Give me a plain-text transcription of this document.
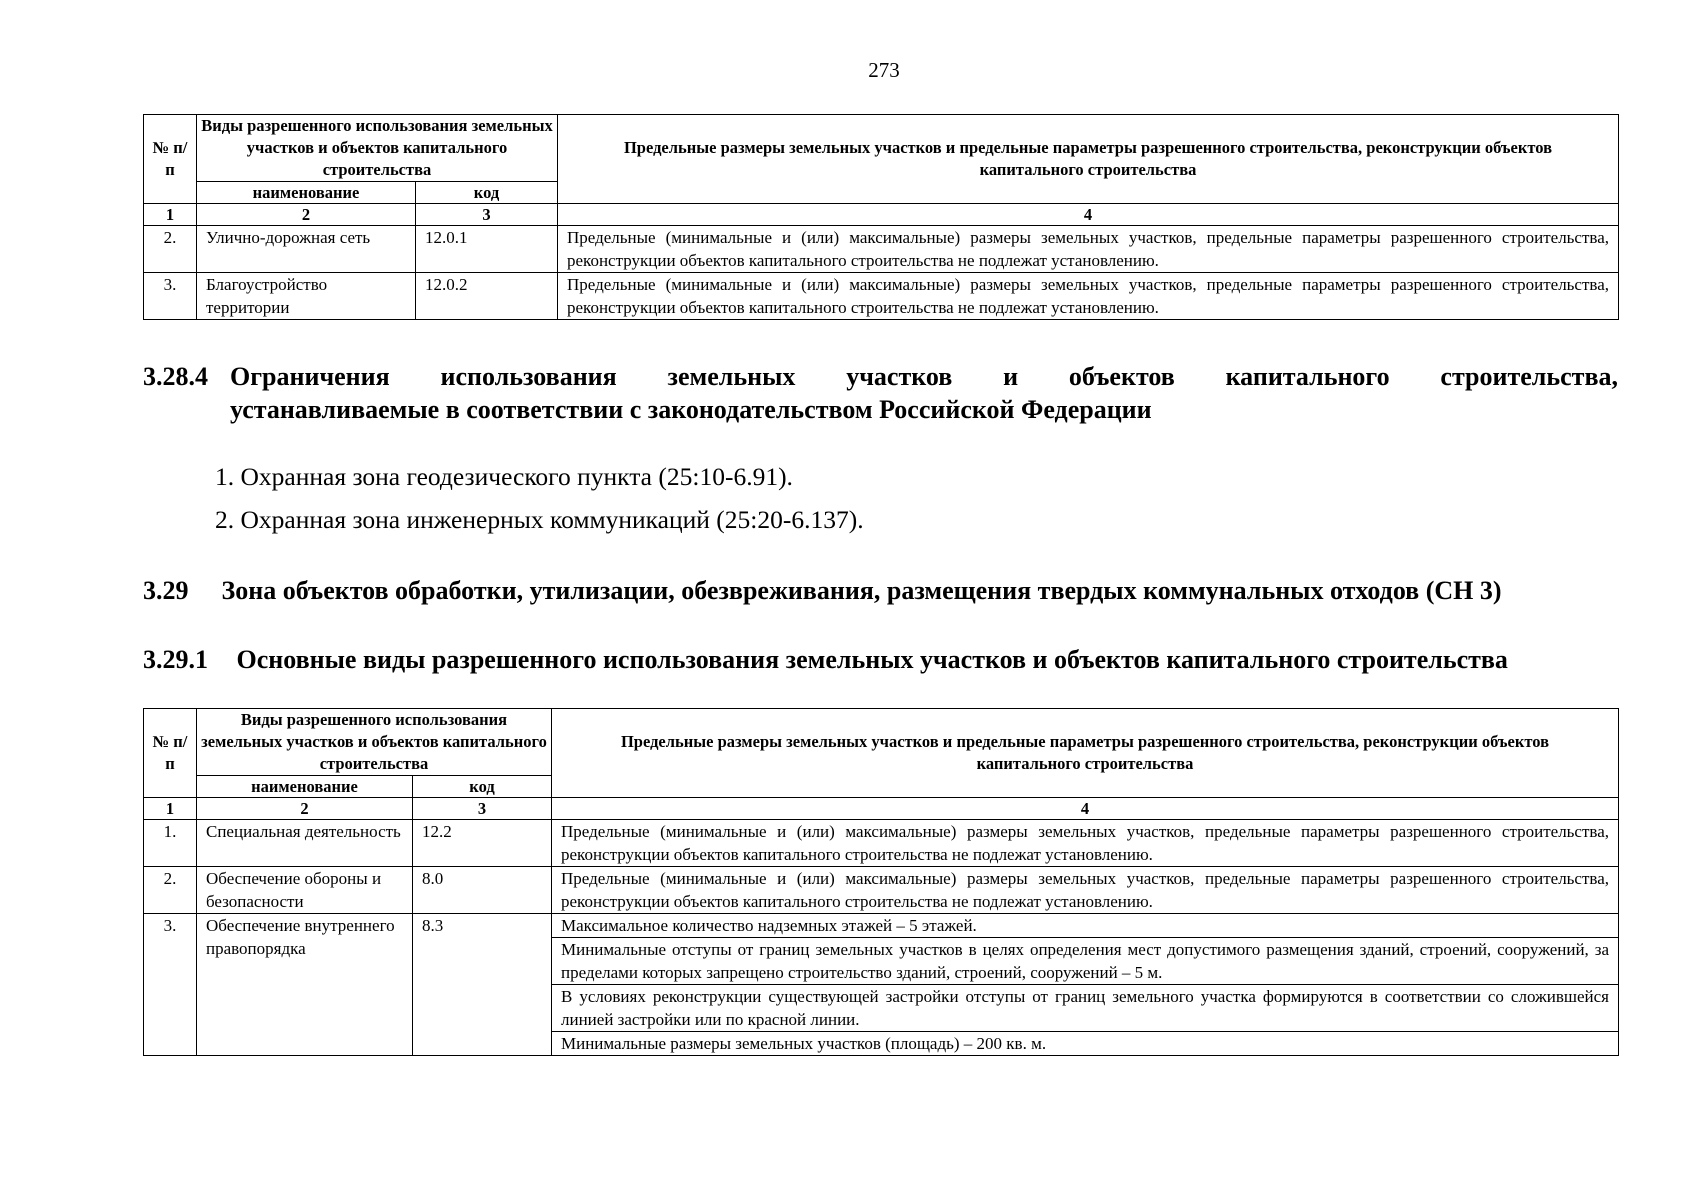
273
№ п/п	Виды разрешенного использования земельных участков и объектов капитального строительства		Предельные размеры земельных участков и предельные параметры разрешенного строительства, реконструкции объектов капитального строительства
	наименование	код	
1	2	3	4
2.	Улично-дорожная сеть	12.0.1	Предельные (минимальные и (или) максимальные) размеры земельных участков, предельные параметры разрешенного строительства, реконструкции объектов капитального строительства не подлежат установлению.
3.	Благоустройство территории	12.0.2	Предельные (минимальные и (или) максимальные) размеры земельных участков, предельные параметры разрешенного строительства, реконструкции объектов капитального строительства не подлежат установлению.
3.28.4 Ограничения использования земельных участков и объектов капитального строительства,
устанавливаемые в соответствии с законодательством Российской Федерации
1. Охранная зона геодезического пункта (25:10-6.91).
2. Охранная зона инженерных коммуникаций (25:20-6.137).
3.29 Зона объектов обработки, утилизации, обезвреживания, размещения твердых коммунальных отходов (СН 3)
3.29.1 Основные виды разрешенного использования земельных участков и объектов капитального строительства
№ п/п	Виды разрешенного использования земельных участков и объектов капитального строительства		Предельные размеры земельных участков и предельные параметры разрешенного строительства, реконструкции объектов капитального строительства
	наименование	код	
1	2	3	4
1.	Специальная деятельность	12.2	Предельные (минимальные и (или) максимальные) размеры земельных участков, предельные параметры разрешенного строительства, реконструкции объектов капитального строительства не подлежат установлению.
2.	Обеспечение обороны и безопасности	8.0	Предельные (минимальные и (или) максимальные) размеры земельных участков, предельные параметры разрешенного строительства, реконструкции объектов капитального строительства не подлежат установлению.
3.	Обеспечение внутреннего правопорядка	8.3	Максимальное количество надземных этажей – 5 этажей.
			Минимальные отступы от границ земельных участков в целях определения мест допустимого размещения зданий, строений, сооружений, за пределами которых запрещено строительство зданий, строений, сооружений – 5 м.
			В условиях реконструкции существующей застройки отступы от границ земельного участка формируются в соответствии со сложившейся линией застройки или по красной линии.
			Минимальные размеры земельных участков (площадь) – 200 кв. м.
